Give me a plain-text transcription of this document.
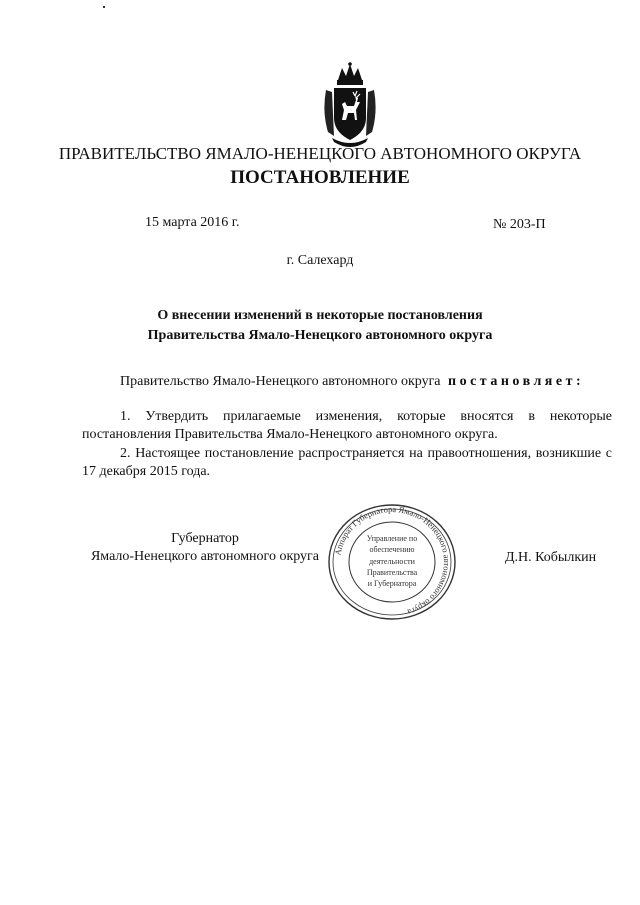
ПРАВИТЕЛЬСТВО ЯМАЛО-НЕНЕЦКОГО АВТОНОМНОГО ОКРУГА
ПОСТАНОВЛЕНИЕ
15 марта 2016 г.	№ 203-П
г. Салехард
О внесении изменений в некоторые постановления
Правительства Ямало-Ненецкого автономного округа
Правительство Ямало-Ненецкого автономного округа постановляет:
1. Утвердить прилагаемые изменения, которые вносятся в некоторые постановления Правительства Ямало-Ненецкого автономного округа.
2. Настоящее постановление распространяется на правоотношения, возникшие с 17 декабря 2015 года.
Губернатор
Ямало-Ненецкого автономного округа	Д.Н. Кобылкин
Аппарат Губернатора Ямало-Ненецкого автономного округа
Управление по
обеспечению
деятельности
Правительства
и Губернатора
